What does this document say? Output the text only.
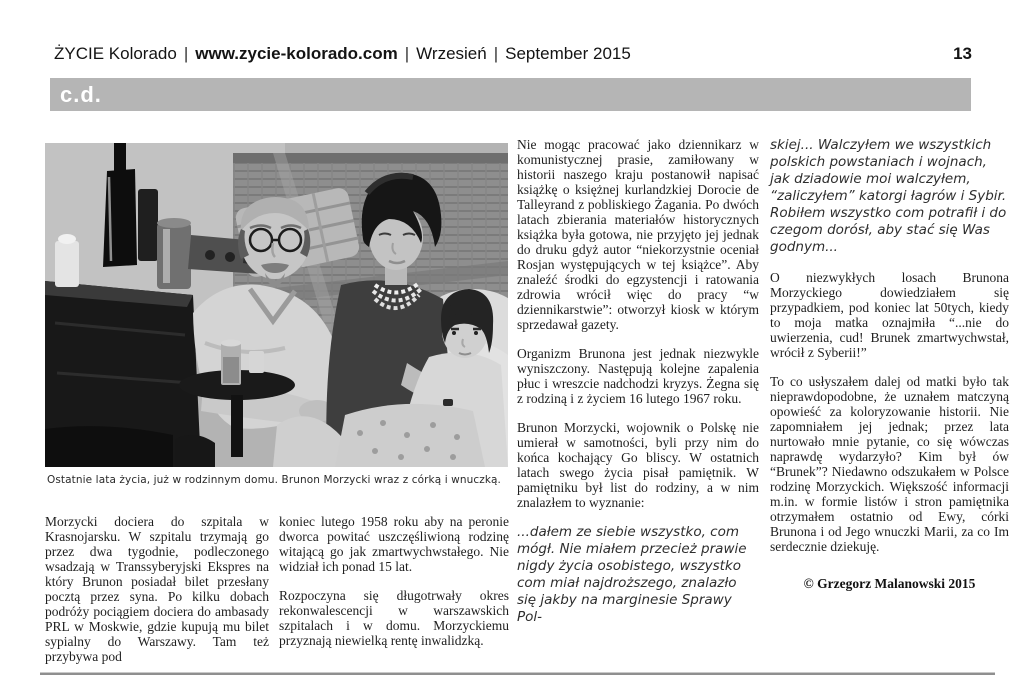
ŻYCIE Kolorado | www.zycie-kolorado.com | Wrzesień | September 2015	13
c.d.
Ostatnie lata życia, już w rodzinnym domu. Brunon Morzycki wraz z córką i wnuczką.

Morzycki dociera do szpitala w Krasnojarsku. W szpitalu trzymają go przez dwa tygodnie, podleczonego wsadzają w Transsyberyjski Ekspres na który Brunon posiadał bilet przesłany pocztą przez syna. Po kilku dobach podróży pociągiem dociera do ambasady PRL w Moskwie, gdzie kupują mu bilet sypialny do Warszawy. Tam też przybywa pod

koniec lutego 1958 roku aby na peronie dworca powitać uszczęśliwioną rodzinę witającą go jak zmartwychwstałego. Nie widział ich ponad 15 lat.

Rozpoczyna się długotrwały okres rekonwalescencji w warszawskich szpitalach i w domu. Morzyckiemu przyznają niewielką rentę inwalidzką.

Nie mogąc pracować jako dziennikarz w komunistycznej prasie, zamiłowany w historii naszego kraju postanowił napisać książkę o księżnej kurlandzkiej Dorocie de Talleyrand z pobliskiego Żagania. Po dwóch latach zbierania materiałów historycznych książka była gotowa, nie przyjęto jej jednak do druku gdyż autor “niekorzystnie oceniał Rosjan występujących w tej książce”. Aby znaleźć środki do egzystencji i ratowania zdrowia wrócił więc do pracy “w dziennikarstwie”: otworzył kiosk w którym sprzedawał gazety.

Organizm Brunona jest jednak niezwykle wyniszczony. Następują kolejne zapalenia płuc i wreszcie nadchodzi kryzys. Żegna się z rodziną i z życiem 16 lutego 1967 roku.

Brunon Morzycki, wojownik o Polskę nie umierał w samotności, byli przy nim do końca kochający Go bliscy. W ostatnich latach swego życia pisał pamiętnik. W pamiętniku był list do rodziny, a w nim znalazłem to wyznanie:

...dałem ze siebie wszystko, com mógł. Nie miałem przecież prawie nigdy życia osobistego, wszystko com miał najdroższego, znalazło się jakby na marginesie Sprawy Pol-

skiej... Walczyłem we wszystkich polskich powstaniach i wojnach, jak dziadowie moi walczyłem, “zaliczyłem” katorgi łagrów i Sybir. Robiłem wszystko com potrafił i do czegom dorósł, aby stać się Was godnym...

O niezwykłych losach Brunona Morzyckiego dowiedziałem się przypadkiem, pod koniec lat 50tych, kiedy to moja matka oznajmiła “...nie do uwierzenia, cud! Brunek zmartwychwstał, wrócił z Syberii!”

To co usłyszałem dalej od matki było tak nieprawdopodobne, że uznałem matczyną opowieść za koloryzowanie historii. Nie zapomniałem jej jednak; przez lata nurtowało mnie pytanie, co się wówczas naprawdę wydarzyło? Kim był ów “Brunek”? Niedawno odszukałem w Polsce rodzinę Morzyckich. Większość informacji m.in. w formie listów i stron pamiętnika otrzymałem ostatnio od Ewy, córki Brunona i od Jego wnuczki Marii, za co Im serdecznie dziekuję.

© Grzegorz Malanowski 2015
